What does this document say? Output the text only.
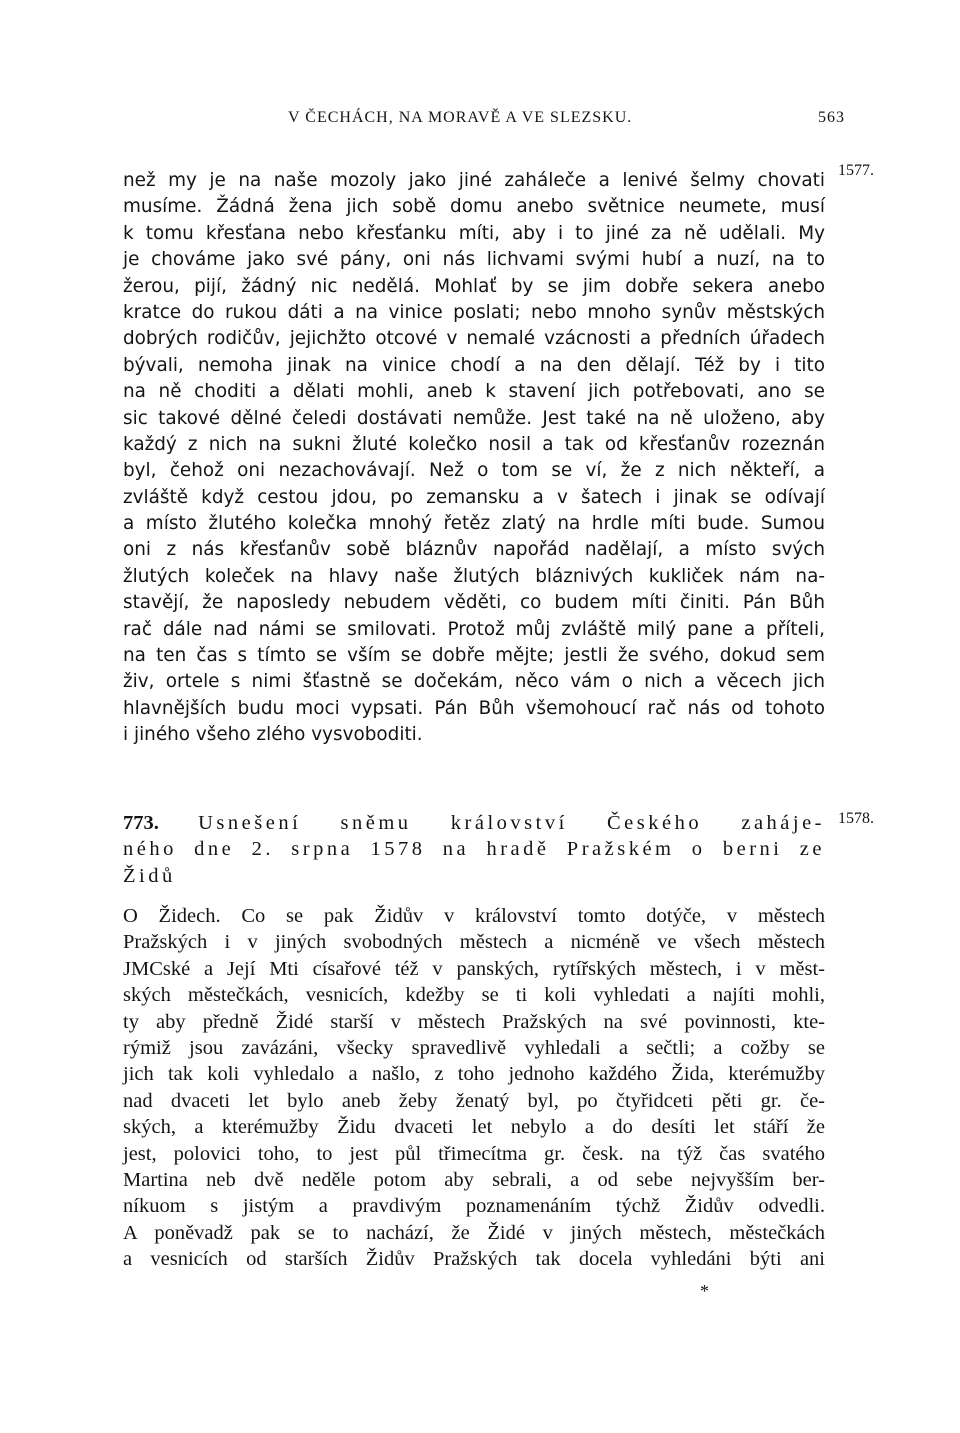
V ČECHÁCH, NA MORAVĚ A VE SLEZSKU.	563
1577.
1578.
než my je na naše mozoly jako jiné zaháleče a lenivé šelmy chovati
musíme. Žádná žena jich sobě domu anebo světnice neumete, musí
k tomu křesťana nebo křesťanku míti, aby i to jiné za ně udělali. My
je chováme jako své pány, oni nás lichvami svými hubí a nuzí, na to
žerou, pijí, žádný nic nedělá. Mohlať by se jim dobře sekera anebo
kratce do rukou dáti a na vinice poslati; nebo mnoho synův městských
dobrých rodičův, jejichžto otcové v nemalé vzácnosti a předních úřadech
bývali, nemoha jinak na vinice chodí a na den dělají. Též by i tito
na ně choditi a dělati mohli, aneb k stavení jich potřebovati, ano se
sic takové dělné čeledi dostávati nemůže. Jest také na ně uloženo, aby
každý z nich na sukni žluté kolečko nosil a tak od křesťanův rozeznán
byl, čehož oni nezachovávají. Než o tom se ví, že z nich někteří, a
zvláště když cestou jdou, po zemansku a v šatech i jinak se odívají
a místo žlutého kolečka mnohý řetěz zlatý na hrdle míti bude. Sumou
oni z nás křesťanův sobě bláznův napořád nadělají, a místo svých
žlutých koleček na hlavy naše žlutých bláznivých kukliček nám na-
stavějí, že naposledy nebudem věděti, co budem míti činiti. Pán Bůh
rač dále nad námi se smilovati. Protož můj zvláště milý pane a příteli,
na ten čas s tímto se vším se dobře mějte; jestli že svého, dokud sem
živ, ortele s nimi šťastně se dočekám, něco vám o nich a věcech jich
hlavnějších budu moci vypsati. Pán Bůh všemohoucí rač nás od tohoto
i jiného všeho zlého vysvoboditi.
773. Usnešení sněmu království Českého zaháje-
ného dne 2. srpna 1578 na hradě Pražském o berni ze
Židů
O Židech. Co se pak Židův v království tomto dotýče, v městech
Pražských i v jiných svobodných městech a nicméně ve všech městech
JMCské a Její Mti císařové též v panských, rytířských městech, i v měst-
ských městečkách, vesnicích, kdežby se ti koli vyhledati a najíti mohli,
ty aby předně Židé starší v městech Pražských na své povinnosti, kte-
rýmiž jsou zavázáni, všecky spravedlivě vyhledali a sečtli; a cožby se
jich tak koli vyhledalo a našlo, z toho jednoho každého Žida, kterémužby
nad dvaceti let bylo aneb žeby ženatý byl, po čtyřidceti pěti gr. če-
ských, a kterémužby Židu dvaceti let nebylo a do desíti let stáří že
jest, polovici toho, to jest půl třimecítma gr. česk. na týž čas svatého
Martina neb dvě neděle potom aby sebrali, a od sebe nejvyšším ber-
níkuom s jistým a pravdivým poznamenáním týchž Židův odvedli.
A poněvadž pak se to nachází, že Židé v jiných městech, městečkách
a vesnicích od starších Židův Pražských tak docela vyhledáni býti ani
*
